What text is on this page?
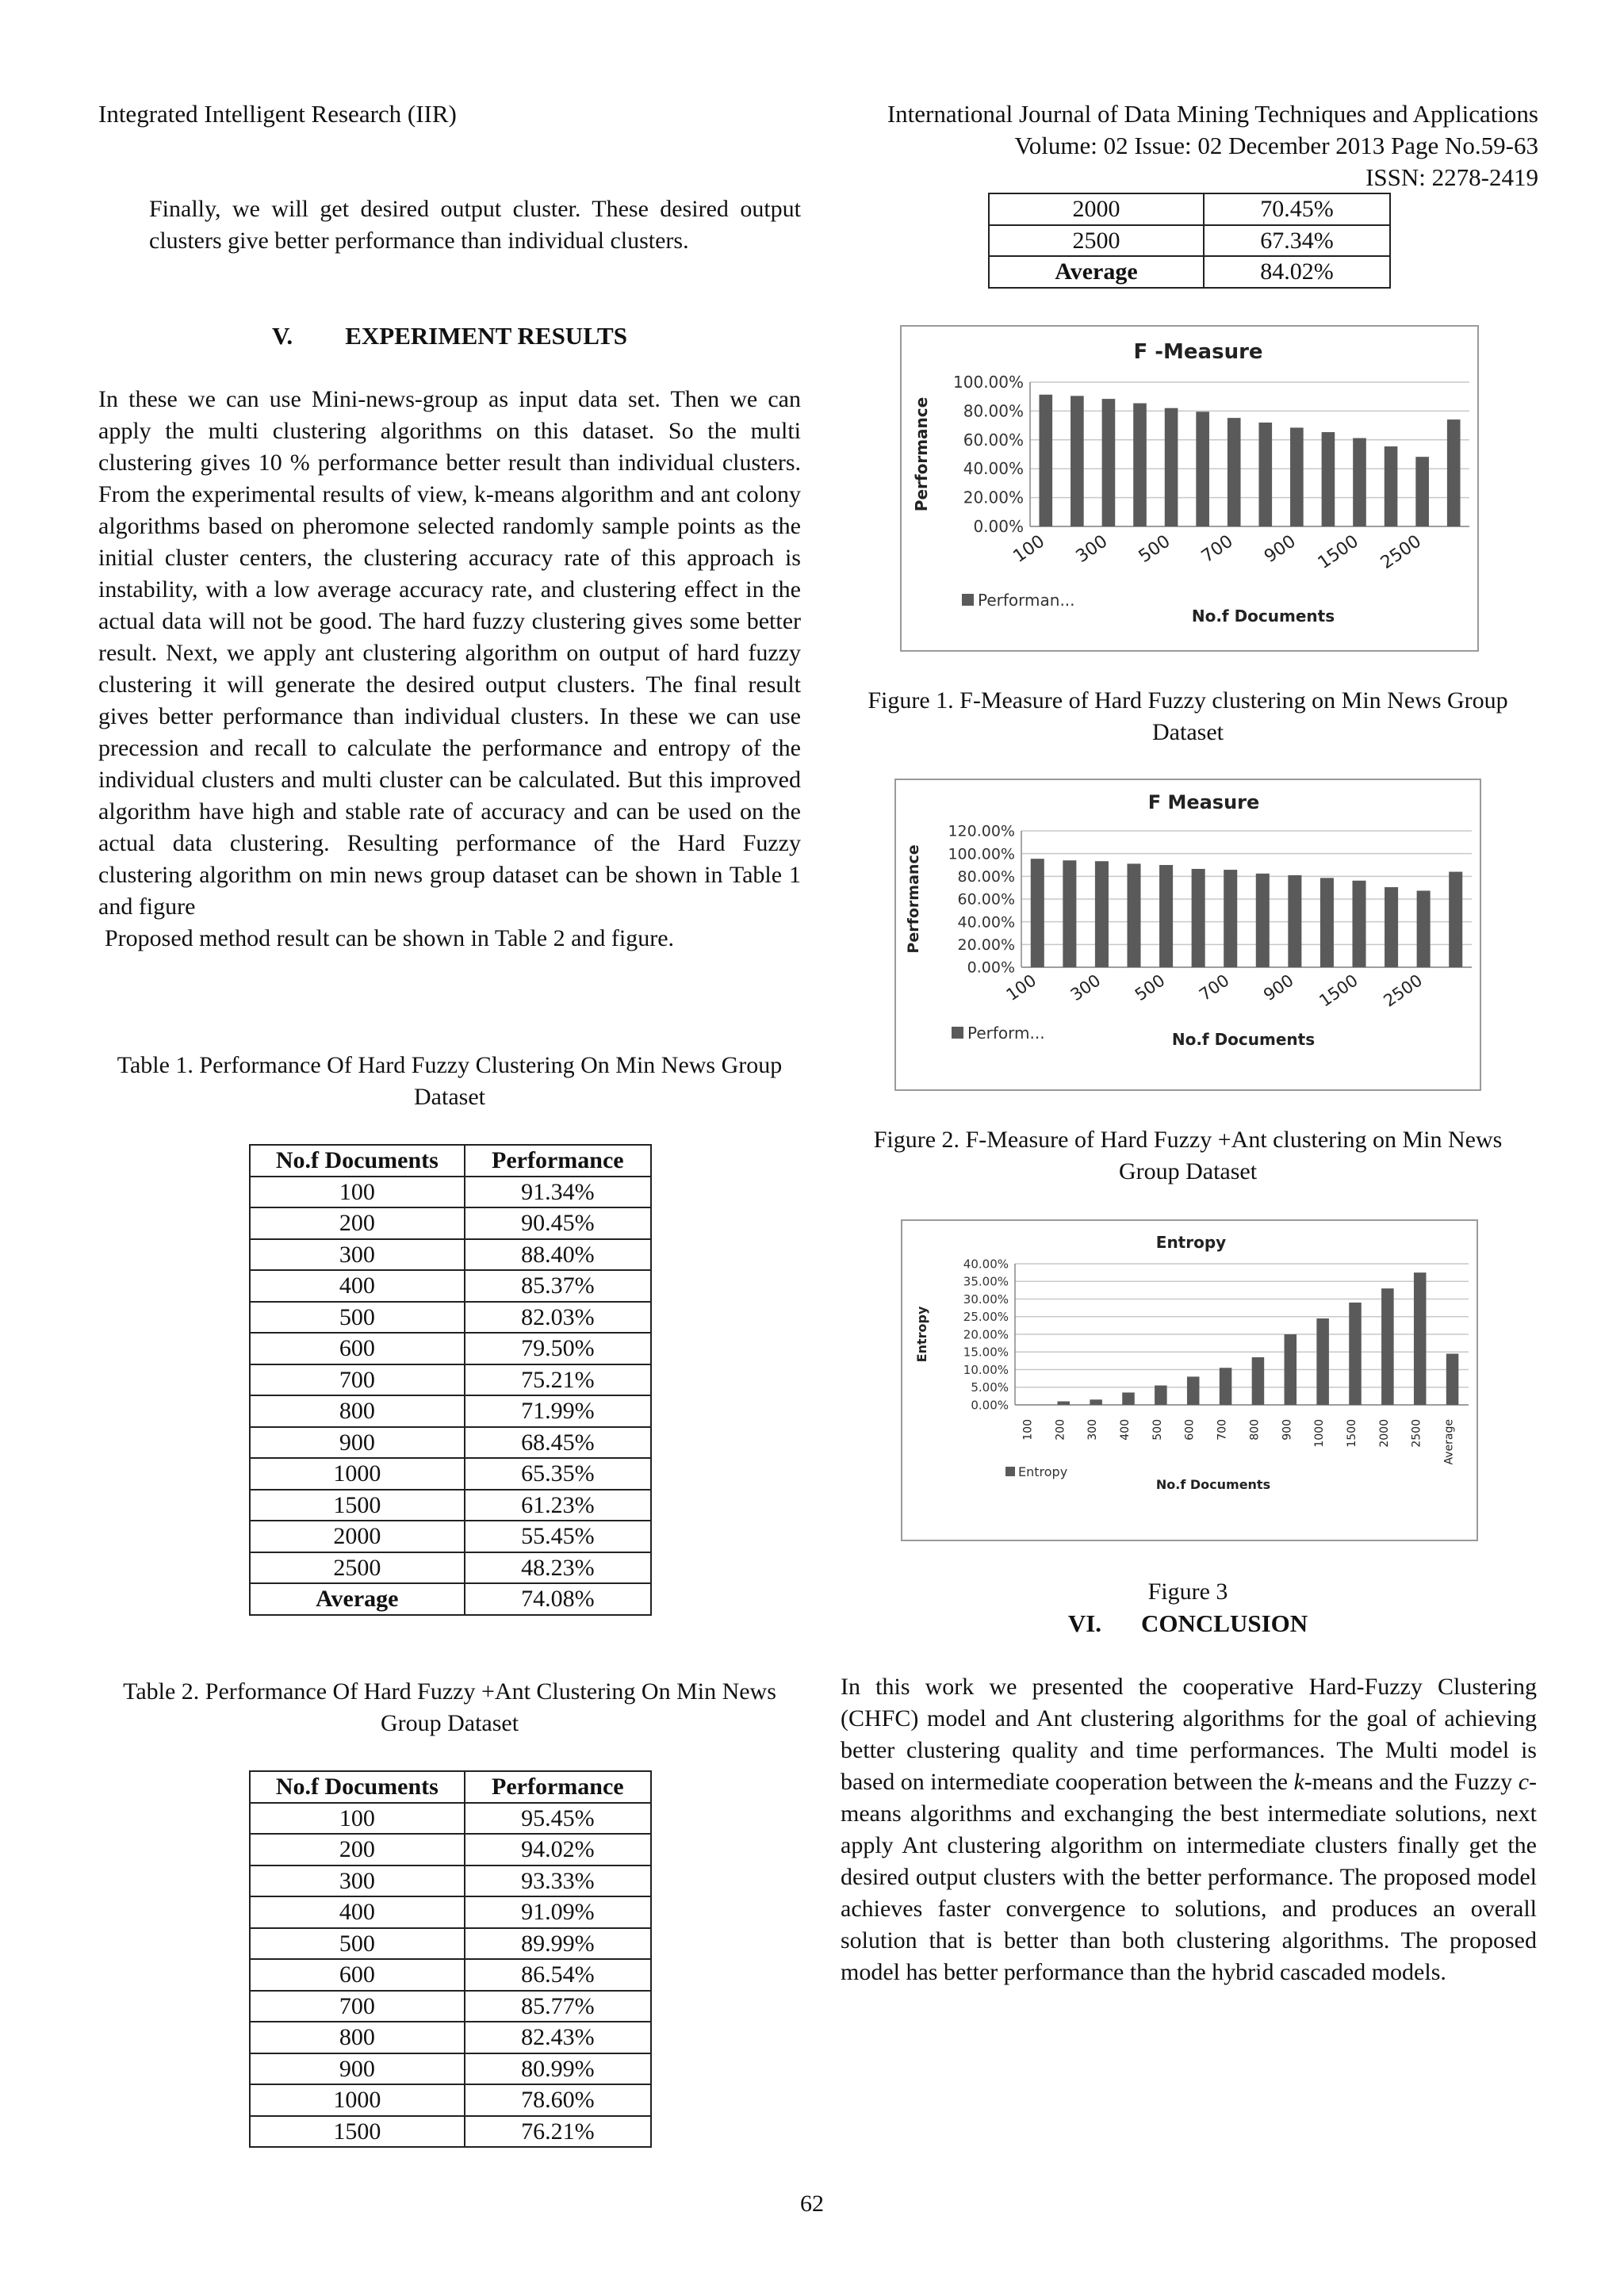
Integrated Intelligent Research (IIR)	International Journal of Data Mining Techniques and Applications
Volume: 02 Issue: 02 December 2013 Page No.59-63
ISSN: 2278-2419
Finally, we will get desired output cluster. These desired output clusters give better performance than individual clusters.
V. EXPERIMENT RESULTS
In these we can use Mini-news-group as input data set. Then we can apply the multi clustering algorithms on this dataset. So the multi clustering gives 10 % performance better result than individual clusters. From the experimental results of view, k-means algorithm and ant colony algorithms based on pheromone selected randomly sample points as the initial cluster centers, the clustering accuracy rate of this approach is instability, with a low average accuracy rate, and clustering effect in the actual data will not be good. The hard fuzzy clustering gives some better result. Next, we apply ant clustering algorithm on output of hard fuzzy clustering it will generate the desired output clusters. The final result gives better performance than individual clusters. In these we can use precession and recall to calculate the performance and entropy of the individual clusters and multi cluster can be calculated. But this improved algorithm have high and stable rate of accuracy and can be used on the actual data clustering. Resulting performance of the Hard Fuzzy clustering algorithm on min news group dataset can be shown in Table 1 and figure
Proposed method result can be shown in Table 2 and figure.
Table 1. Performance Of Hard Fuzzy Clustering On Min News Group Dataset
No.f Documents	Performance
100	91.34%
200	90.45%
300	88.40%
400	85.37%
500	82.03%
600	79.50%
700	75.21%
800	71.99%
900	68.45%
1000	65.35%
1500	61.23%
2000	55.45%
2500	48.23%
Average	74.08%
Table 2. Performance Of Hard Fuzzy +Ant Clustering On Min News Group Dataset
No.f Documents	Performance
100	95.45%
200	94.02%
300	93.33%
400	91.09%
500	89.99%
600	86.54%
700	85.77%
800	82.43%
900	80.99%
1000	78.60%
1500	76.21%
2000	70.45%
2500	67.34%
Average	84.02%
F -Measure
0.00%
20.00%
40.00%
60.00%
80.00%
100.00%
100 300 500 700 900 1500 2500
Performance
Performan...
No.f Documents
Figure 1. F-Measure of Hard Fuzzy clustering on Min News Group Dataset
F Measure
0.00%
20.00%
40.00%
60.00%
80.00%
100.00%
120.00%
100 300 500 700 900 1500 2500
Performance
Perform...	No.f Documents
Figure 2. F-Measure of Hard Fuzzy +Ant clustering on Min News Group Dataset
Entropy
0.00%
5.00%
10.00%
15.00%
20.00%
25.00%
30.00%
35.00%
40.00%
100 200 300 400 500 600 700 800 900 1000 1500 2000 2500 Average
Entropy
Entropy
No.f Documents
Figure 3
VI. CONCLUSION
In this work we presented the cooperative Hard-Fuzzy Clustering (CHFC) model and Ant clustering algorithms for the goal of achieving better clustering quality and time performances. The Multi model is based on intermediate cooperation between the k-means and the Fuzzy c-means algorithms and exchanging the best intermediate solutions, next apply Ant clustering algorithm on intermediate clusters finally get the desired output clusters with the better performance. The proposed model achieves faster convergence to solutions, and produces an overall solution that is better than both clustering algorithms. The proposed model has better performance than the hybrid cascaded models.
62
